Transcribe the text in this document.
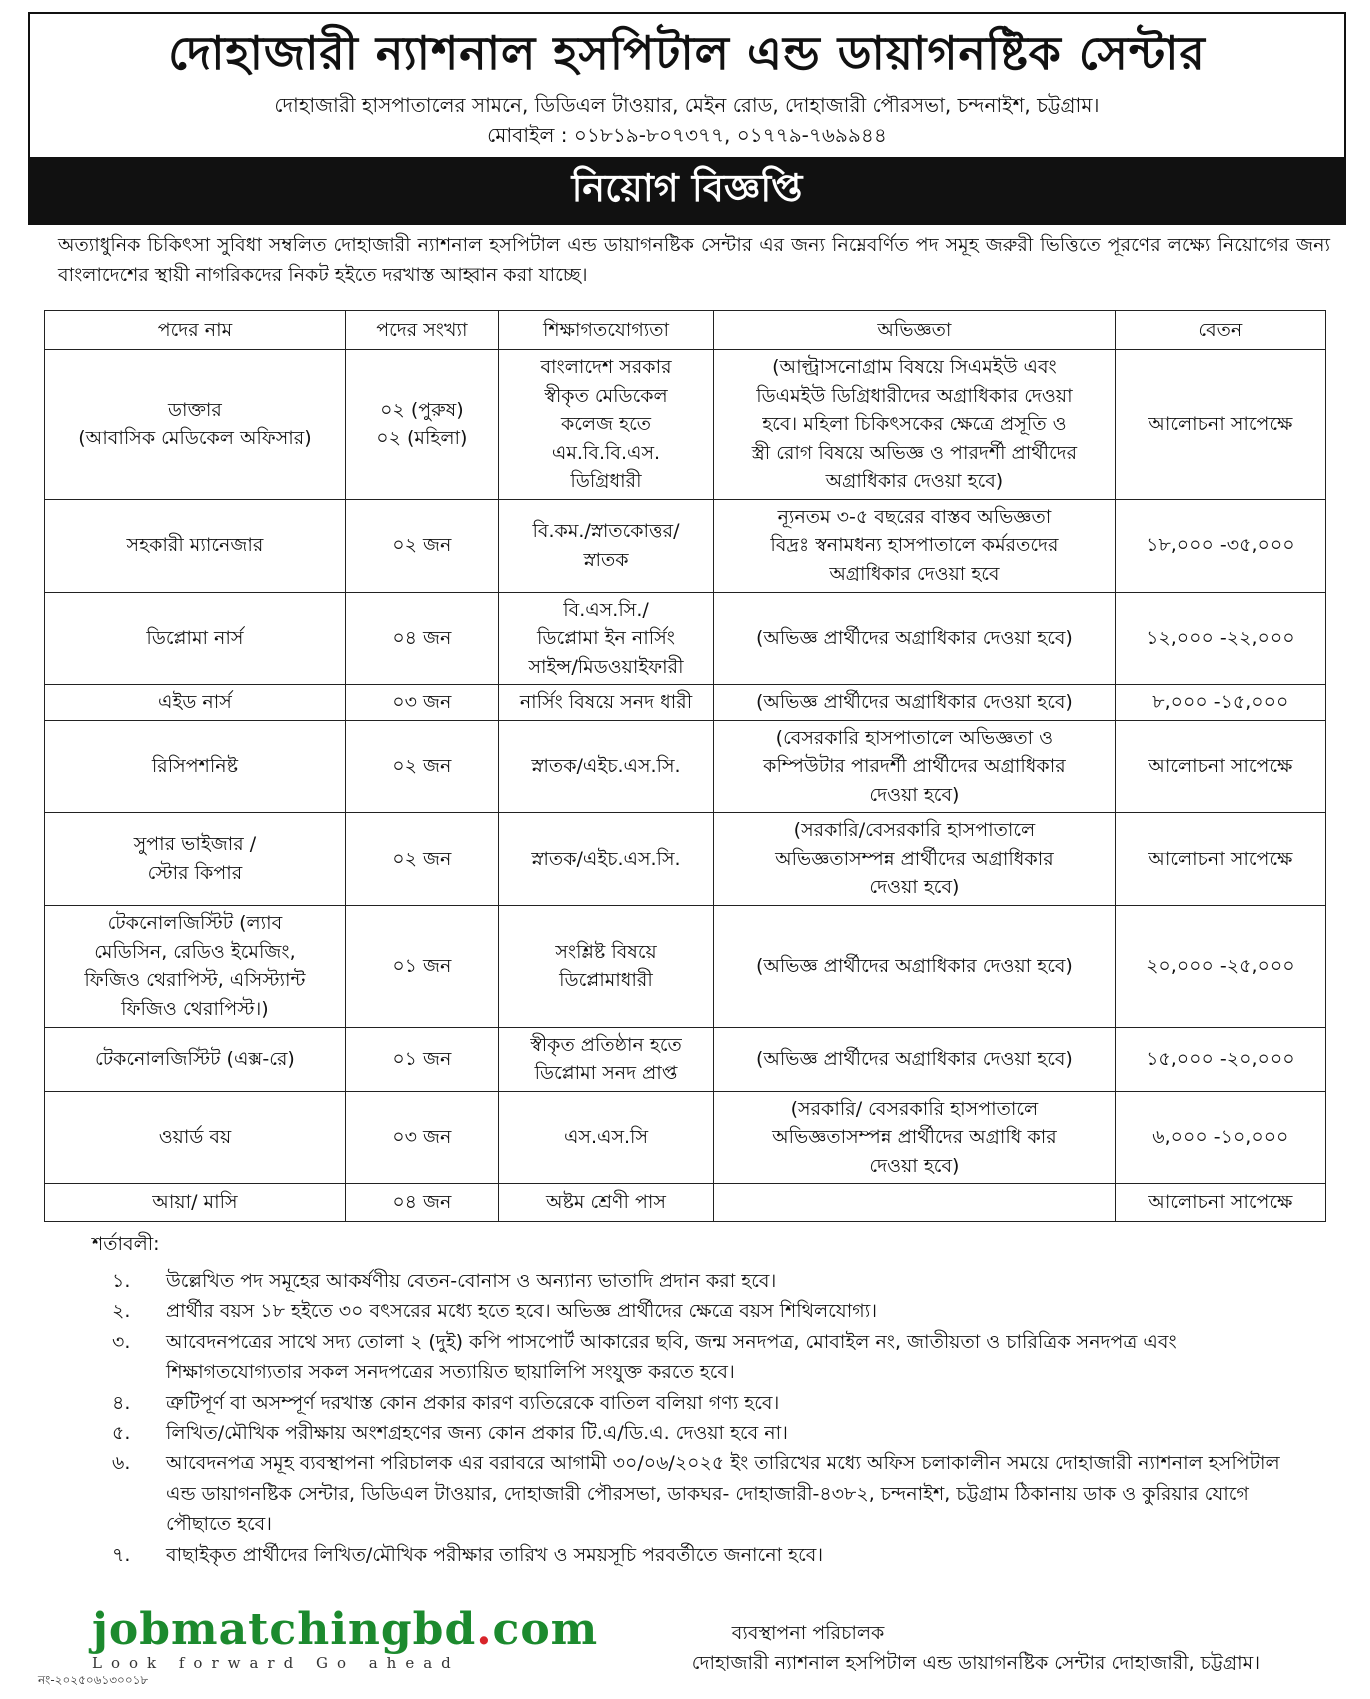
দোহাজারী ন্যাশনাল হসপিটাল এন্ড ডায়াগনষ্টিক সেন্টার
দোহাজারী হাসপাতালের সামনে, ডিডিএল টাওয়ার, মেইন রোড, দোহাজারী পৌরসভা, চন্দনাইশ, চট্টগ্রাম।
মোবাইল : ০১৮১৯-৮০৭৩৭৭, ০১৭৭৯-৭৬৯৯৪৪
নিয়োগ বিজ্ঞপ্তি
অত্যাধুনিক চিকিৎসা সুবিধা সম্বলিত দোহাজারী ন্যাশনাল হসপিটাল এন্ড ডায়াগনষ্টিক সেন্টার এর জন্য নিম্নেবর্ণিত পদ সমূহ জরুরী ভিত্তিতে পূরণের লক্ষ্যে নিয়োগের জন্য বাংলাদেশের স্থায়ী নাগরিকদের নিকট হইতে দরখাস্ত আহ্বান করা যাচ্ছে।
পদের নাম	পদের সংখ্যা	শিক্ষাগতযোগ্যতা	অভিজ্ঞতা	বেতন
ডাক্তার
(আবাসিক মেডিকেল অফিসার)	০২ (পুরুষ)
০২ (মহিলা)	বাংলাদেশ সরকার
স্বীকৃত মেডিকেল
কলেজ হতে
এম.বি.বি.এস.
ডিগ্রিধারী	(আল্ট্রাসনোগ্রাম বিষয়ে সিএমইউ এবং
ডিএমইউ ডিগ্রিধারীদের অগ্রাধিকার দেওয়া
হবে। মহিলা চিকিৎসকের ক্ষেত্রে প্রসূতি ও
স্ত্রী রোগ বিষয়ে অভিজ্ঞ ও পারদর্শী প্রার্থীদের
অগ্রাধিকার দেওয়া হবে)	আলোচনা সাপেক্ষে
সহকারী ম্যানেজার	০২ জন	বি.কম./স্নাতকোত্তর/
স্নাতক	ন্যূনতম ৩-৫ বছরের বাস্তব অভিজ্ঞতা
বিদ্রঃ স্বনামধন্য হাসপাতালে কর্মরতদের
অগ্রাধিকার দেওয়া হবে	১৮,০০০ -৩৫,০০০
ডিপ্লোমা নার্স	০৪ জন	বি.এস.সি./
ডিপ্লোমা ইন নার্সিং
সাইন্স/মিডওয়াইফারী	(অভিজ্ঞ প্রার্থীদের অগ্রাধিকার দেওয়া হবে)	১২,০০০ -২২,০০০
এইড নার্স	০৩ জন	নার্সিং বিষয়ে সনদ ধারী	(অভিজ্ঞ প্রার্থীদের অগ্রাধিকার দেওয়া হবে)	৮,০০০ -১৫,০০০
রিসিপশনিষ্ট	০২ জন	স্নাতক/এইচ.এস.সি.	(বেসরকারি হাসপাতালে অভিজ্ঞতা ও
কম্পিউটার পারদর্শী প্রার্থীদের অগ্রাধিকার
দেওয়া হবে)	আলোচনা সাপেক্ষে
সুপার ভাইজার /
স্টোর কিপার	০২ জন	স্নাতক/এইচ.এস.সি.	(সরকারি/বেসরকারি হাসপাতালে
অভিজ্ঞতাসম্পন্ন প্রার্থীদের অগ্রাধিকার
দেওয়া হবে)	আলোচনা সাপেক্ষে
টেকনোলজিস্টিট (ল্যাব
মেডিসিন, রেডিও ইমেজিং,
ফিজিও থেরাপিস্ট, এসিস্ট্যান্ট
ফিজিও থেরাপিস্ট।)	০১ জন	সংশ্লিষ্ট বিষয়ে
ডিপ্লোমাধারী	(অভিজ্ঞ প্রার্থীদের অগ্রাধিকার দেওয়া হবে)	২০,০০০ -২৫,০০০
টেকনোলজিস্টিট (এক্স-রে)	০১ জন	স্বীকৃত প্রতিষ্ঠান হতে
ডিপ্লোমা সনদ প্রাপ্ত	(অভিজ্ঞ প্রার্থীদের অগ্রাধিকার দেওয়া হবে)	১৫,০০০ -২০,০০০
ওয়ার্ড বয়	০৩ জন	এস.এস.সি	(সরকারি/ বেসরকারি হাসপাতালে
অভিজ্ঞতাসম্পন্ন প্রার্থীদের অগ্রাধি কার
দেওয়া হবে)	৬,০০০ -১০,০০০
আয়া/ মাসি	০৪ জন	অষ্টম শ্রেণী পাস		আলোচনা সাপেক্ষে
শর্তাবলী:
১.	উল্লেখিত পদ সমূহের আকর্ষণীয় বেতন-বোনাস ও অন্যান্য ভাতাদি প্রদান করা হবে।
২.	প্রার্থীর বয়স ১৮ হইতে ৩০ বৎসরের মধ্যে হতে হবে। অভিজ্ঞ প্রার্থীদের ক্ষেত্রে বয়স শিথিলযোগ্য।
৩.	আবেদনপত্রের সাথে সদ্য তোলা ২ (দুই) কপি পাসপোর্ট আকারের ছবি, জন্ম সনদপত্র, মোবাইল নং, জাতীয়তা ও চারিত্রিক সনদপত্র এবং শিক্ষাগতযোগ্যতার সকল সনদপত্রের সত্যায়িত ছায়ালিপি সংযুক্ত করতে হবে।
৪.	ত্রুটিপূর্ণ বা অসম্পূর্ণ দরখাস্ত কোন প্রকার কারণ ব্যতিরেকে বাতিল বলিয়া গণ্য হবে।
৫.	লিখিত/মৌখিক পরীক্ষায় অংশগ্রহণের জন্য কোন প্রকার টি.এ/ডি.এ. দেওয়া হবে না।
৬.	আবেদনপত্র সমূহ ব্যবস্থাপনা পরিচালক এর বরাবরে আগামী ৩০/০৬/২০২৫ ইং তারিখের মধ্যে অফিস চলাকালীন সময়ে দোহাজারী ন্যাশনাল হসপিটাল এন্ড ডায়াগনষ্টিক সেন্টার, ডিডিএল টাওয়ার, দোহাজারী পৌরসভা, ডাকঘর- দোহাজারী-৪৩৮২, চন্দনাইশ, চট্টগ্রাম ঠিকানায় ডাক ও কুরিয়ার যোগে পৌছাতে হবে।
৭.	বাছাইকৃত প্রার্থীদের লিখিত/মৌখিক পরীক্ষার তারিখ ও সময়সূচি পরবর্তীতে জনানো হবে।
jobmatchingbd.com
Look forward Go ahead
ব্যবস্থাপনা পরিচালক
দোহাজারী ন্যাশনাল হসপিটাল এন্ড ডায়াগনষ্টিক সেন্টার দোহাজারী, চট্টগ্রাম।
নং-২০২৫০৬১৩০০১৮
